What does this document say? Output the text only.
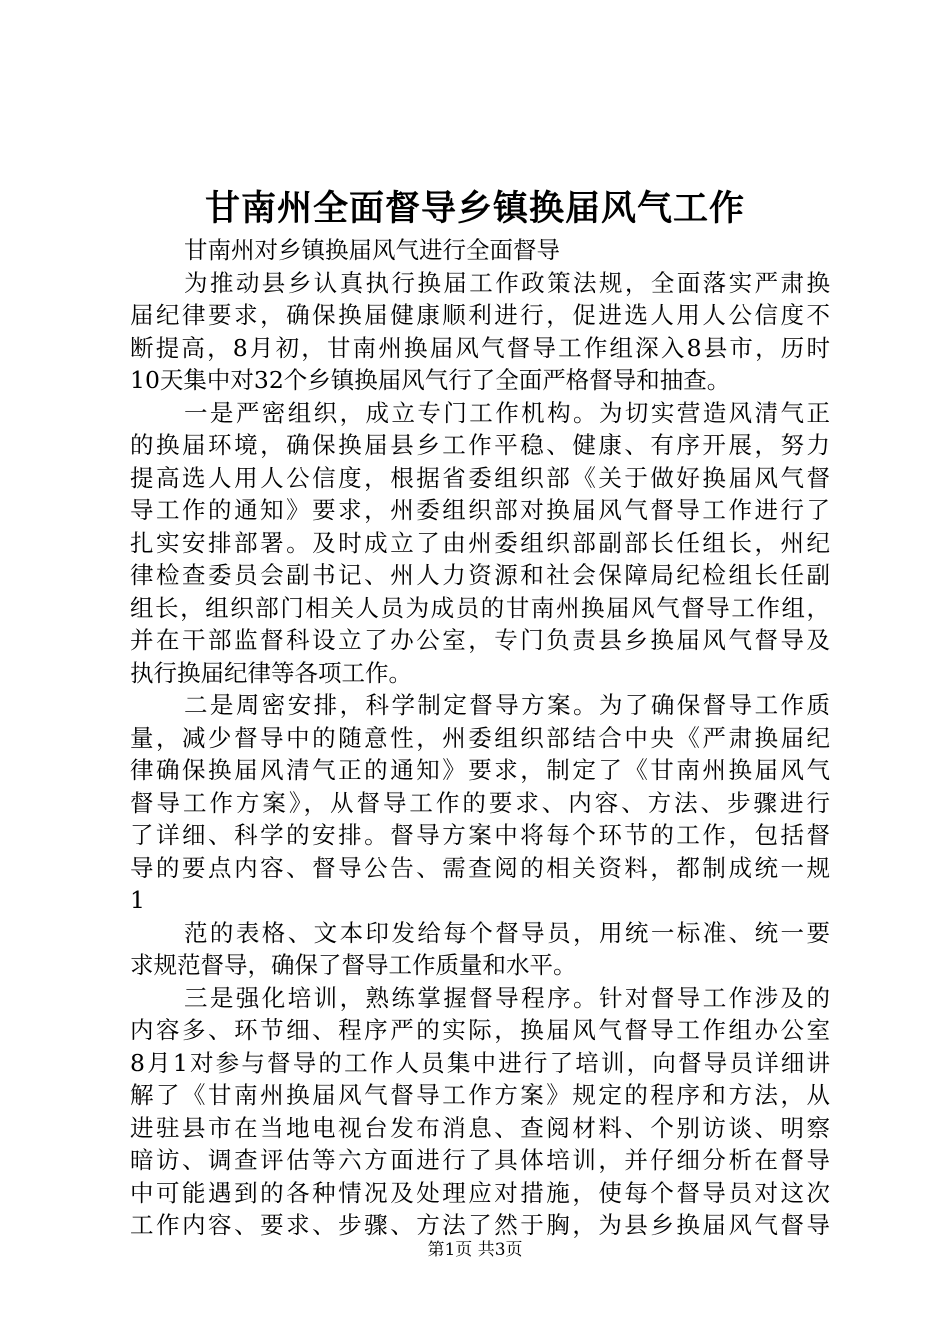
甘南州全面督导乡镇换届风气工作
甘南州对乡镇换届风气进行全面督导
为推动县乡认真执行换届工作政策法规，全面落实严肃换
届纪律要求，确保换届健康顺利进行，促进选人用人公信度不
断提高，8月初，甘南州换届风气督导工作组深入8县市，历时
10天集中对32个乡镇换届风气行了全面严格督导和抽查。
一是严密组织，成立专门工作机构。为切实营造风清气正
的换届环境，确保换届县乡工作平稳、健康、有序开展，努力
提高选人用人公信度，根据省委组织部《关于做好换届风气督
导工作的通知》要求，州委组织部对换届风气督导工作进行了
扎实安排部署。及时成立了由州委组织部副部长任组长，州纪
律检查委员会副书记、州人力资源和社会保障局纪检组长任副
组长，组织部门相关人员为成员的甘南州换届风气督导工作组，
并在干部监督科设立了办公室，专门负责县乡换届风气督导及
执行换届纪律等各项工作。
二是周密安排，科学制定督导方案。为了确保督导工作质
量，减少督导中的随意性，州委组织部结合中央《严肃换届纪
律确保换届风清气正的通知》要求，制定了《甘南州换届风气
督导工作方案》，从督导工作的要求、内容、方法、步骤进行
了详细、科学的安排。督导方案中将每个环节的工作，包括督
导的要点内容、督导公告、需查阅的相关资料，都制成统一规
1
范的表格、文本印发给每个督导员，用统一标准、统一要
求规范督导，确保了督导工作质量和水平。
三是强化培训，熟练掌握督导程序。针对督导工作涉及的
内容多、环节细、程序严的实际，换届风气督导工作组办公室
8月1对参与督导的工作人员集中进行了培训，向督导员详细讲
解了《甘南州换届风气督导工作方案》规定的程序和方法，从
进驻县市在当地电视台发布消息、查阅材料、个别访谈、明察
暗访、调查评估等六方面进行了具体培训，并仔细分析在督导
中可能遇到的各种情况及处理应对措施，使每个督导员对这次
工作内容、要求、步骤、方法了然于胸，为县乡换届风气督导
第1页 共3页
